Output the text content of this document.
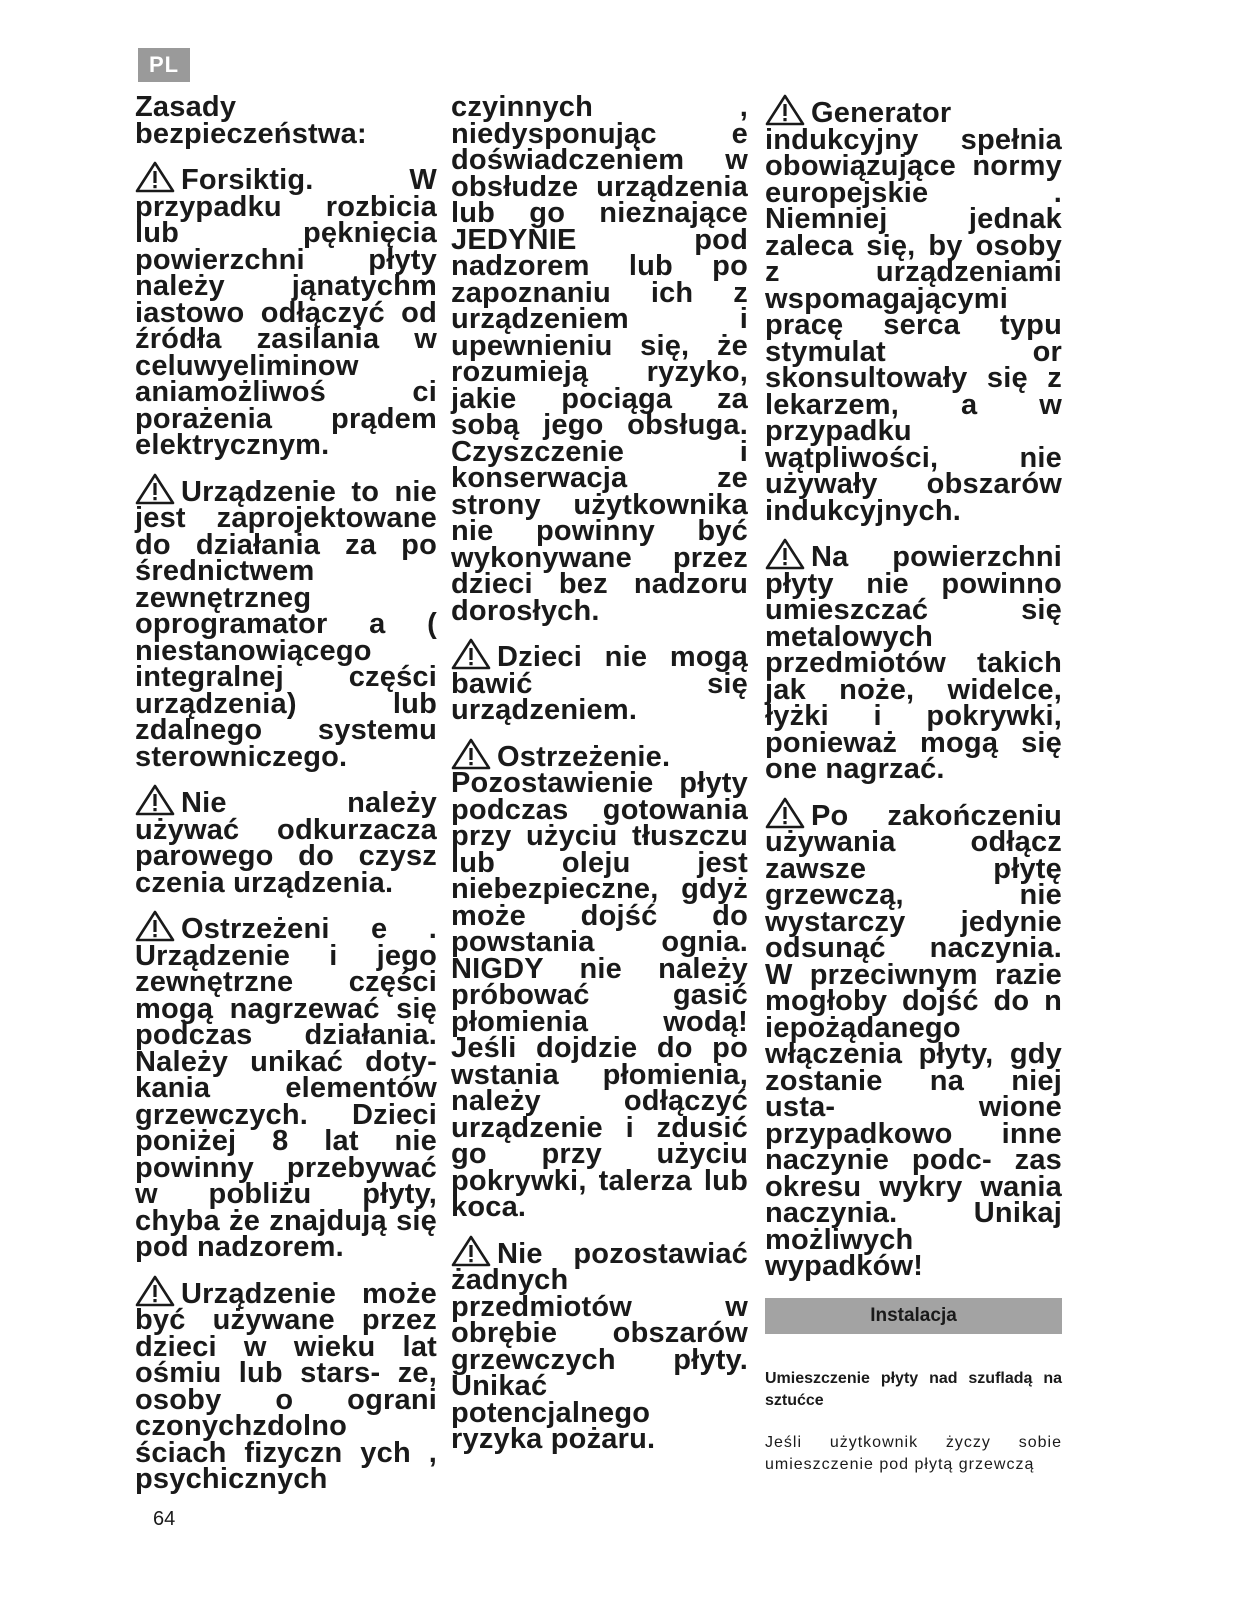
PL

Zasady bezpieczeństwa:

Forsiktig. W przypadku rozbicia lub pęknięcia powierzchni płyty należy jąnatychm iastowo odłączyć od źródła zasilania w celuwyeliminow aniamożliwoś ci porażenia prądem elektrycznym.

Urządzenie to nie jest zaprojektowane do działania za po średnictwem zewnętrzneg oprogramator a ( niestanowiącego integralnej części urządzenia) lub zdalnego systemu sterowniczego.

Nie należy używać odkurzacza parowego do czysz czenia urządzenia.

Ostrzeżeni e . Urządzenie i jego zewnętrzne części mogą nagrzewać się podczas działania. Należy unikać doty- kania elementów grzewczych. Dzieci poniżej 8 lat nie powinny przebywać w pobliżu płyty, chyba że znajdują się pod nadzorem.

Urządzenie może być używane przez dzieci w wieku lat ośmiu lub stars- ze, osoby o ograni czonychzdolno ściach fizyczn ych , psychicznych

czyinnych , niedysponując e doświadczeniem w obsłudze urządzenia lub go nieznające JEDYNIE pod nadzorem lub po zapoznaniu ich z urządzeniem i upewnieniu się, że rozumieją ryzyko, jakie pociąga za sobą jego obsługa. Czyszczenie i konserwacja ze strony użytkownika nie powinny być wykonywane przez dzieci bez nadzoru dorosłych.

Dzieci nie mogą bawić się urządzeniem.

Ostrzeżenie. Pozostawienie płyty podczas gotowania przy użyciu tłuszczu lub oleju jest niebezpieczne, gdyż może dojść do powstania ognia. NIGDY nie należy próbować gasić płomienia wodą! Jeśli dojdzie do po wstania płomienia, należy odłączyć urządzenie i zdusić go przy użyciu pokrywki, talerza lub koca.

Nie pozostawiać żadnych przedmiotów w obrębie obszarów grzewczych płyty. Unikać potencjalnego ryzyka pożaru.

Generator indukcyjny spełnia obowiązujące normy europejskie . Niemniej jednak zaleca się, by osoby z urządzeniami wspomagającymi pracę serca typu stymulat or skonsultowały się z lekarzem, a w przypadku wątpliwości, nie używały obszarów indukcyjnych.

Na powierzchni płyty nie powinno umieszczać się metalowych przedmiotów takich jak noże, widelce, łyżki i pokrywki, ponieważ mogą się one nagrzać.

Po zakończeniu używania odłącz zawsze płytę grzewczą, nie wystarczy jedynie odsunąć naczynia. W przeciwnym razie mogłoby dojść do n iepożądanego włączenia płyty, gdy zostanie na niej usta- wione przypadkowo inne naczynie podc- zas okresu wykry wania naczynia. Unikaj możliwych wypadków!

Instalacja
Umieszczenie płyty nad szufladą na sztućce
Jeśli użytkownik życzy sobie umieszczenie pod płytą grzewczą
64
